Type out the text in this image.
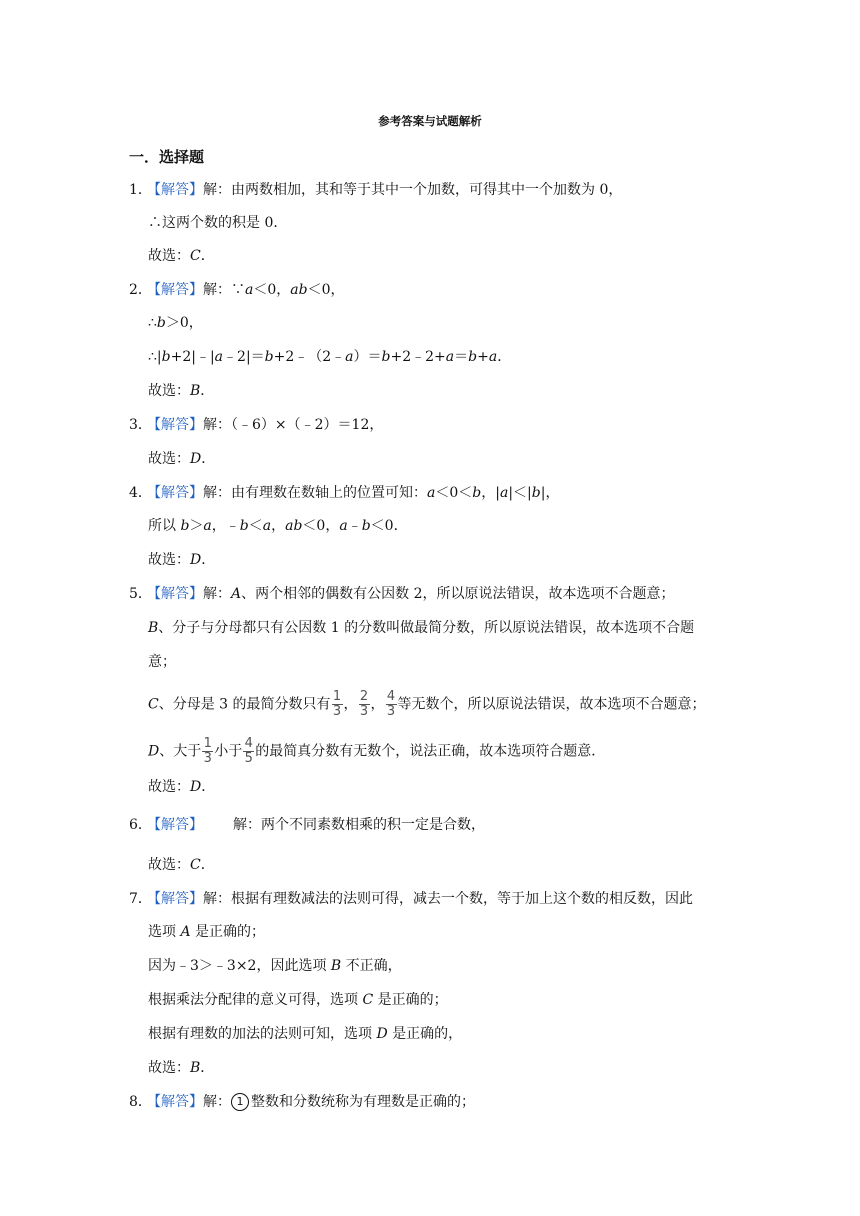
参考答案与试题解析
一．选择题
1．【解答】解：由两数相加，其和等于其中一个加数，可得其中一个加数为 0，
∴这两个数的积是 0．
故选：C．
2．【解答】解：∵a＜0，ab＜0，
∴b＞0，
∴|b+2|﹣|a﹣2|＝b+2﹣（2﹣a）＝b+2﹣2+a＝b+a．
故选：B．
3．【解答】解：（﹣6）×（﹣2）＝12，
故选：D．
4．【解答】解：由有理数在数轴上的位置可知：a＜0＜b，|a|＜|b|，
所以 b＞a，﹣b＜a，ab＜0，a﹣b＜0．
故选：D．
5．【解答】解：A、两个相邻的偶数有公因数 2，所以原说法错误，故本选项不合题意；
B、分子与分母都只有公因数 1 的分数叫做最简分数，所以原说法错误，故本选项不合题
意；
C、分母是 3 的最简分数只有 $\frac{1}{3}$ ， $\frac{2}{3}$ ， $\frac{4}{3}$ 等无数个，所以原说法错误，故本选项不合题意；
D、大于 $\frac{1}{3}$ 小于 $\frac{4}{5}$ 的最简真分数有无数个，说法正确，故本选项符合题意．
故选：D．
6．【解答】 解：两个不同素数相乘的积一定是合数，
故选：C．
7．【解答】解：根据有理数减法的法则可得，减去一个数，等于加上这个数的相反数，因此
选项 A 是正确的；
因为﹣3＞﹣3×2，因此选项 B 不正确，
根据乘法分配律的意义可得，选项 C 是正确的；
根据有理数的加法的法则可知，选项 D 是正确的，
故选：B．
8．【解答】解： 1 整数和分数统称为有理数是正确的；
